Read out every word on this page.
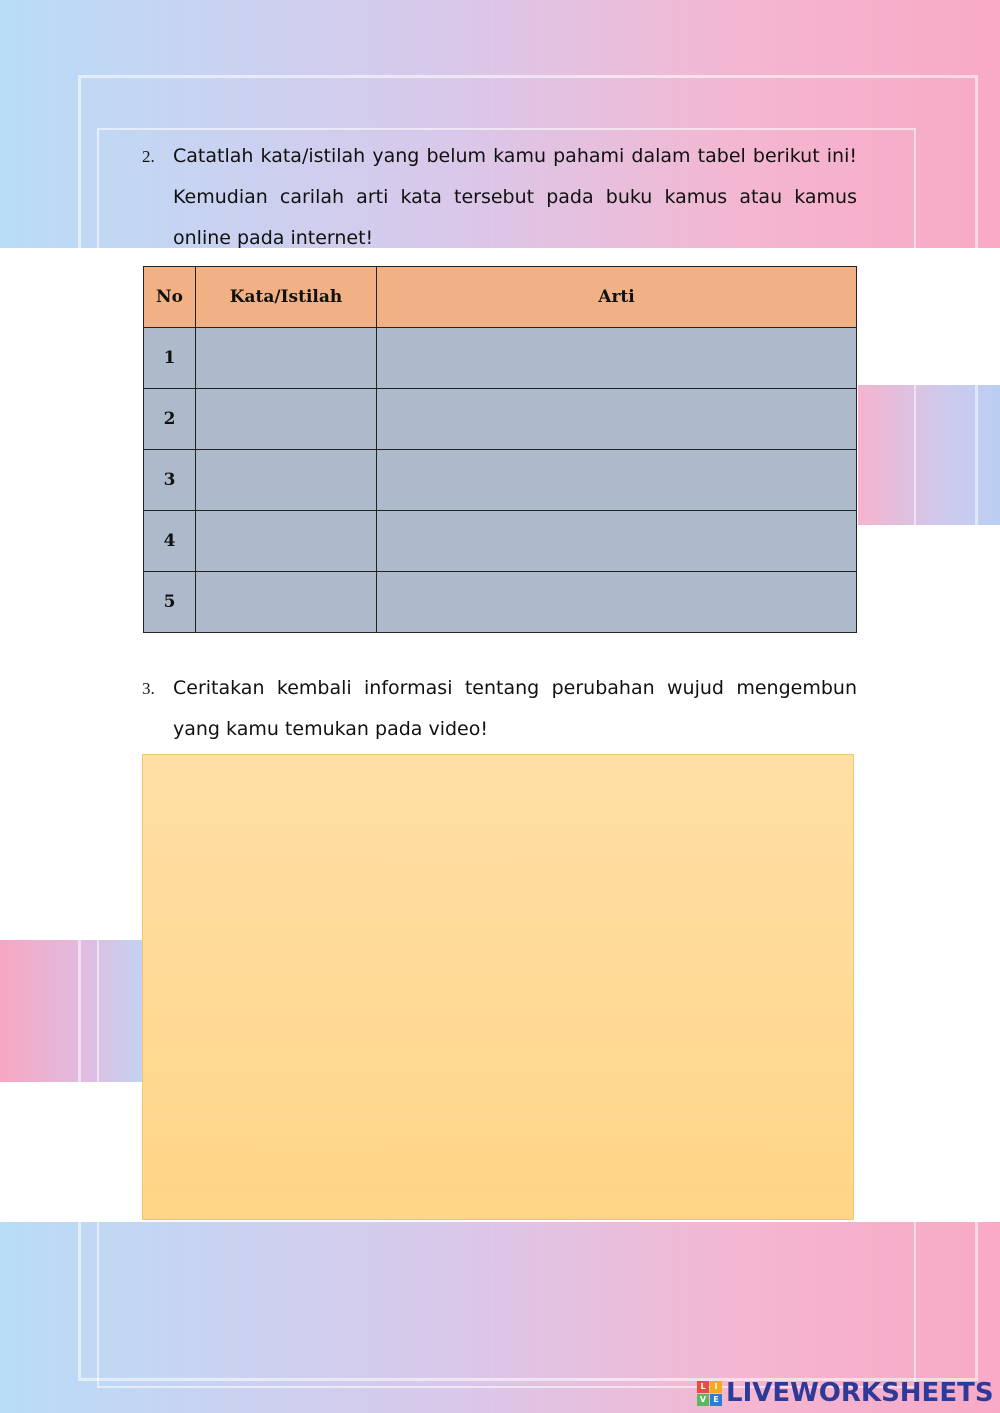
2. Catatlah kata/istilah yang belum kamu pahami dalam tabel berikut ini! Kemudian carilah arti kata tersebut pada buku kamus atau kamus online pada internet!
No	Kata/Istilah	Arti
1		
2		
3		
4		
5		
3. Ceritakan kembali informasi tentang perubahan wujud mengembun yang kamu temukan pada video!
L	I
V E LIVEWORKSHEETS
